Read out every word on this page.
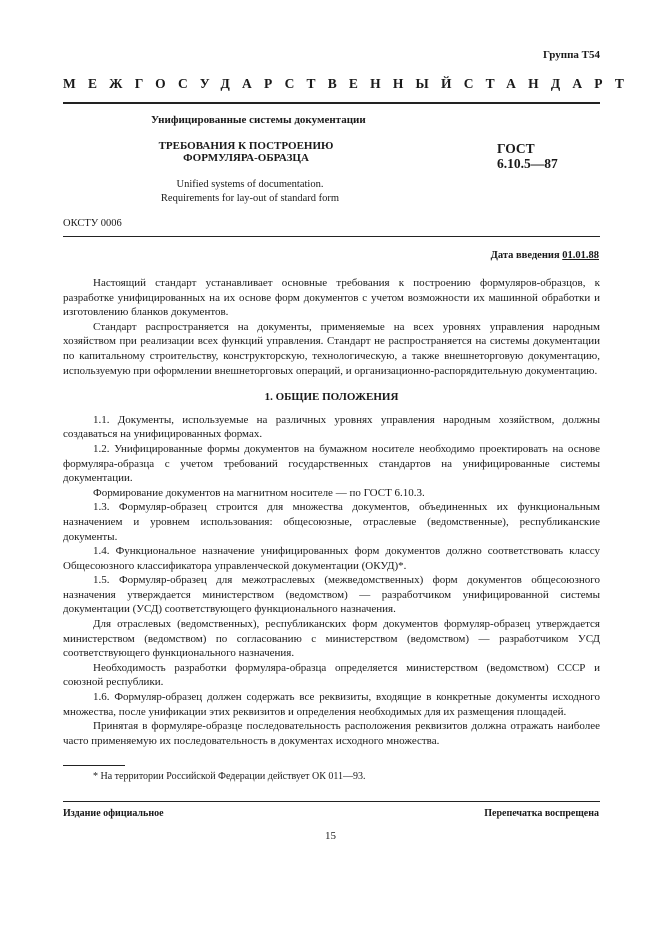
Группа Т54
МЕЖГОСУДАРСТВЕННЫЙ СТАНДАРТ
Унифицированные системы документации
ТРЕБОВАНИЯ К ПОСТРОЕНИЮ
ФОРМУЛЯРА-ОБРАЗЦА
ГОСТ
6.10.5—87
Unified systems of documentation.
Requirements for lay-out of standard form
ОКСТУ 0006
Дата введения 01.01.88

Настоящий стандарт устанавливает основные требования к построению формуляров-образцов, к разработке унифицированных на их основе форм документов с учетом возможности их машинной обработки и изготовлению бланков документов.

Стандарт распространяется на документы, применяемые на всех уровнях управления народным хозяйством при реализации всех функций управления. Стандарт не распространяется на системы документации по капитальному строительству, конструкторскую, технологическую, а также внешнеторговую документацию, используемую при оформлении внешнеторговых операций, и организационно-распорядительную документацию.

1. ОБЩИЕ ПОЛОЖЕНИЯ

1.1. Документы, используемые на различных уровнях управления народным хозяйством, должны создаваться на унифицированных формах.

1.2. Унифицированные формы документов на бумажном носителе необходимо проектировать на основе формуляра-образца с учетом требований государственных стандартов на унифицированные системы документации.

Формирование документов на магнитном носителе — по ГОСТ 6.10.3.

1.3. Формуляр-образец строится для множества документов, объединенных их функциональным назначением и уровнем использования: общесоюзные, отраслевые (ведомственные), республиканские документы.

1.4. Функциональное назначение унифицированных форм документов должно соответствовать классу Общесоюзного классификатора управленческой документации (ОКУД)*.

1.5. Формуляр-образец для межотраслевых (межведомственных) форм документов общесоюзного назначения утверждается министерством (ведомством) — разработчиком унифицированной системы документации (УСД) соответствующего функционального назначения.

Для отраслевых (ведомственных), республиканских форм документов формуляр-образец утверждается министерством (ведомством) по согласованию с министерством (ведомством) — разработчиком УСД соответствующего функционального назначения.

Необходимость разработки формуляра-образца определяется министерством (ведомством) СССР и союзной республики.

1.6. Формуляр-образец должен содержать все реквизиты, входящие в конкретные документы исходного множества, после унификации этих реквизитов и определения необходимых для их размещения площадей.

Принятая в формуляре-образце последовательность расположения реквизитов должна отражать наиболее часто применяемую их последовательность в документах исходного множества.

* На территории Российской Федерации действует ОК 011—93.
Издание официальное	Перепечатка воспрещена
15
